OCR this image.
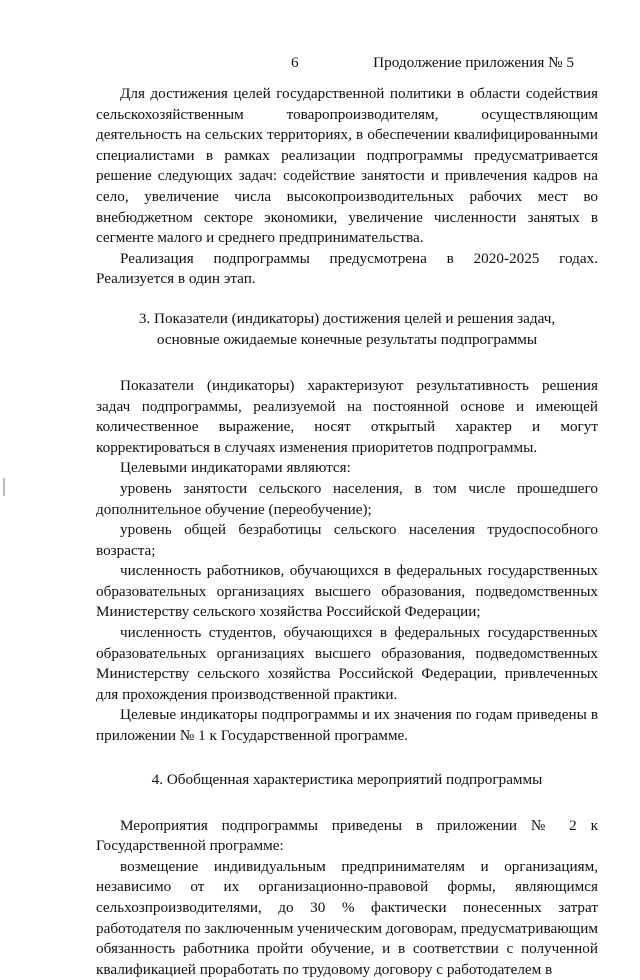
6	Продолжение приложения № 5

Для достижения целей государственной политики в области содействия сельскохозяйственным товаропроизводителям, осуществляющим деятельность на сельских территориях, в обеспечении квалифицированными специалистами в рамках реализации подпрограммы предусматривается решение следующих задач: содействие занятости и привлечения кадров на село, увеличение числа высокопроизводительных рабочих мест во внебюджетном секторе экономики, увеличение численности занятых в сегменте малого и среднего предпринимательства.

Реализация подпрограммы предусмотрена в 2020-2025 годах. Реализуется в один этап.

3. Показатели (индикаторы) достижения целей и решения задач,

основные ожидаемые конечные результаты подпрограммы

Показатели (индикаторы) характеризуют результативность решения задач подпрограммы, реализуемой на постоянной основе и имеющей количественное выражение, носят открытый характер и могут корректироваться в случаях изменения приоритетов подпрограммы.

Целевыми индикаторами являются:

уровень занятости сельского населения, в том числе прошедшего дополнительное обучение (переобучение);

уровень общей безработицы сельского населения трудоспособного возраста;

численность работников, обучающихся в федеральных государственных образовательных организациях высшего образования, подведомственных Министерству сельского хозяйства Российской Федерации;

численность студентов, обучающихся в федеральных государственных образовательных организациях высшего образования, подведомственных Министерству сельского хозяйства Российской Федерации, привлеченных для прохождения производственной практики.

Целевые индикаторы подпрограммы и их значения по годам приведены в приложении № 1 к Государственной программе.

4. Обобщенная характеристика мероприятий подпрограммы

Мероприятия подпрограммы приведены в приложении № 2 к Государственной программе:

возмещение индивидуальным предпринимателям и организациям, независимо от их организационно-правовой формы, являющимся сельхозпроизводителями, до 30 % фактически понесенных затрат работодателя по заключенным ученическим договорам, предусматривающим обязанность работника пройти обучение, и в соответствии с полученной квалификацией проработать по трудовому договору с работодателем в
